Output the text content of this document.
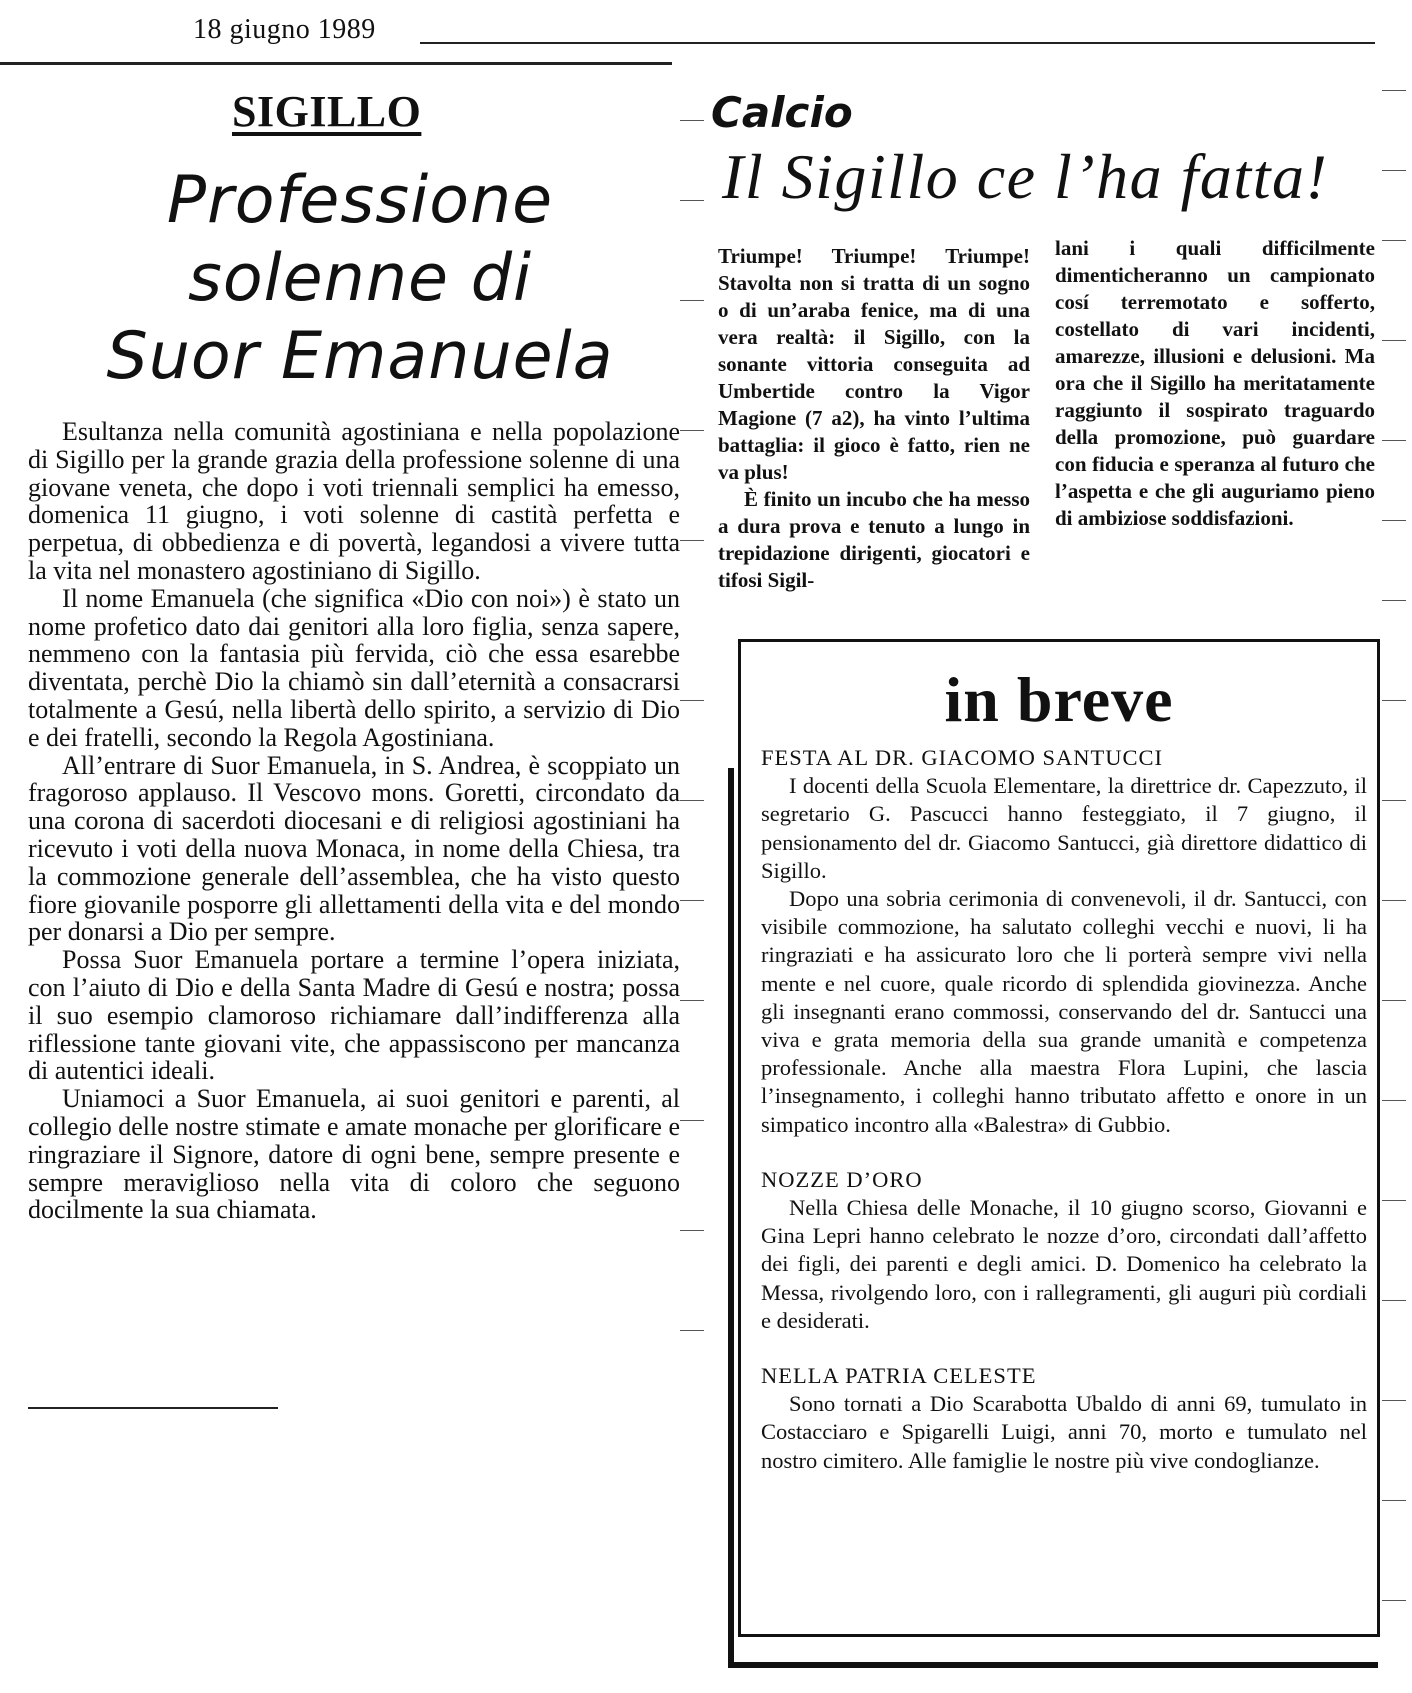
18 giugno 1989
SIGILLO
Professione
solenne di
Suor Emanuela

Esultanza nella comunità agostiniana e nella popolazione di Sigillo per la grande grazia della professione solenne di una giovane veneta, che dopo i voti triennali semplici ha emesso, domenica 11 giugno, i voti solenne di castità perfetta e perpetua, di obbedienza e di povertà, legandosi a vivere tutta la vita nel monastero agostiniano di Sigillo.

Il nome Emanuela (che significa «Dio con noi») è stato un nome profetico dato dai genitori alla loro figlia, senza sapere, nemmeno con la fantasia più fervida, ciò che essa esarebbe diventata, perchè Dio la chiamò sin dall’eternità a consacrarsi totalmente a Gesú, nella libertà dello spirito, a servizio di Dio e dei fratelli, secondo la Regola Agostiniana.

All’entrare di Suor Emanuela, in S. Andrea, è scoppiato un fragoroso applauso. Il Vescovo mons. Goretti, circondato da una corona di sacerdoti diocesani e di religiosi agostiniani ha ricevuto i voti della nuova Monaca, in nome della Chiesa, tra la commozione generale dell’assemblea, che ha visto questo fiore giovanile posporre gli allettamenti della vita e del mondo per donarsi a Dio per sempre.

Possa Suor Emanuela portare a termine l’opera iniziata, con l’aiuto di Dio e della Santa Madre di Gesú e nostra; possa il suo esempio clamoroso richiamare dall’indifferenza alla riflessione tante giovani vite, che appassiscono per mancanza di autentici ideali.

Uniamoci a Suor Emanuela, ai suoi genitori e parenti, al collegio delle nostre stimate e amate monache per glorificare e ringraziare il Signore, datore di ogni bene, sempre presente e sempre meraviglioso nella vita di coloro che seguono docilmente la sua chiamata.

Calcio
Il Sigillo ce l’ha fatta!

Triumpe! Triumpe! Triumpe! Stavolta non si tratta di un sogno o di un’araba fenice, ma di una vera realtà: il Sigillo, con la sonante vittoria conseguita ad Umbertide contro la Vigor Magione (7 a2), ha vinto l’ultima battaglia: il gioco è fatto, rien ne va plus!

È finito un incubo che ha messo a dura prova e tenuto a lungo in trepidazione dirigenti, giocatori e tifosi Sigil-

lani i quali difficilmente dimenticheranno un campionato cosí terremotato e sofferto, costellato di vari incidenti, amarezze, illusioni e delusioni. Ma ora che il Sigillo ha meritatamente raggiunto il sospirato traguardo della promozione, può guardare con fiducia e speranza al futuro che l’aspetta e che gli auguriamo pieno di ambiziose soddisfazioni.

in breve
FESTA AL DR. GIACOMO SANTUCCI

I docenti della Scuola Elementare, la direttrice dr. Capezzuto, il segretario G. Pascucci hanno festeggiato, il 7 giugno, il pensionamento del dr. Giacomo Santucci, già direttore didattico di Sigillo.

Dopo una sobria cerimonia di convenevoli, il dr. Santucci, con visibile commozione, ha salutato colleghi vecchi e nuovi, li ha ringraziati e ha assicurato loro che li porterà sempre vivi nella mente e nel cuore, quale ricordo di splendida giovinezza. Anche gli insegnanti erano commossi, conservando del dr. Santucci una viva e grata memoria della sua grande umanità e competenza professionale. Anche alla maestra Flora Lupini, che lascia l’insegnamento, i colleghi hanno tributato affetto e onore in un simpatico incontro alla «Balestra» di Gubbio.

NOZZE D’ORO

Nella Chiesa delle Monache, il 10 giugno scorso, Giovanni e Gina Lepri hanno celebrato le nozze d’oro, circondati dall’affetto dei figli, dei parenti e degli amici. D. Domenico ha celebrato la Messa, rivolgendo loro, con i rallegramenti, gli auguri più cordiali e desiderati.

NELLA PATRIA CELESTE

Sono tornati a Dio Scarabotta Ubaldo di anni 69, tumulato in Costacciaro e Spigarelli Luigi, anni 70, morto e tumulato nel nostro cimitero. Alle famiglie le nostre più vive condoglianze.
